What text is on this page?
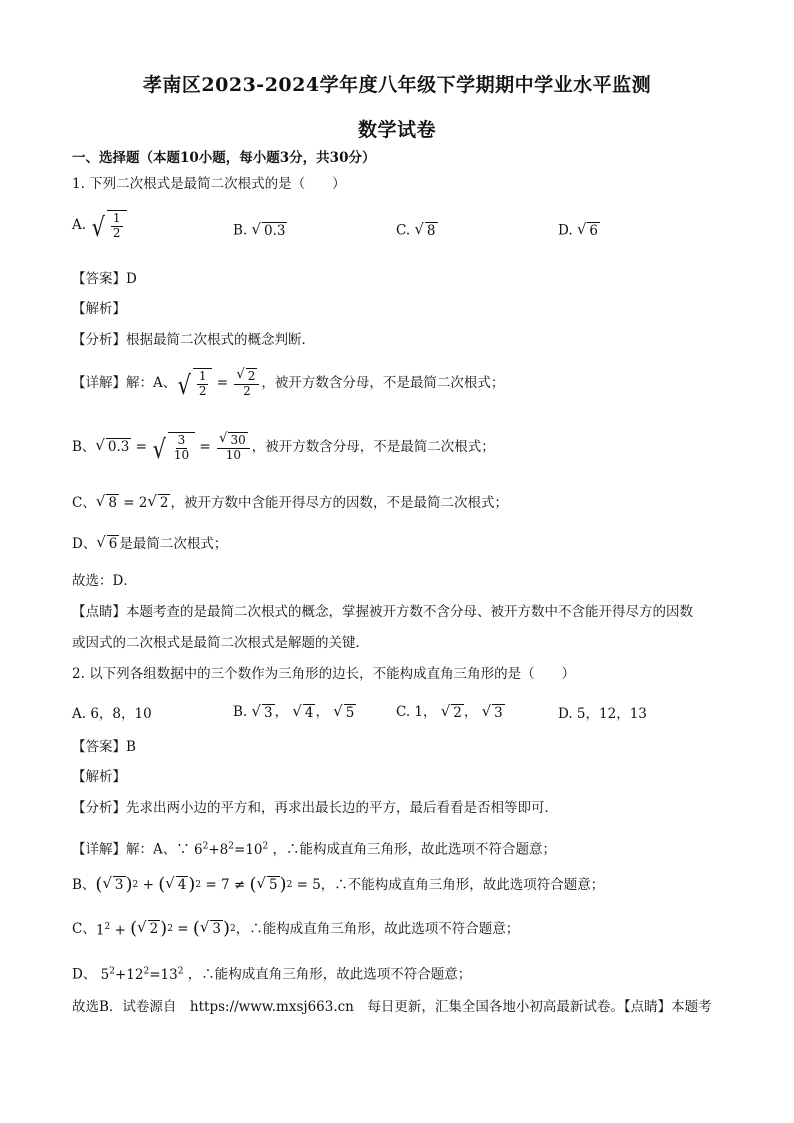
孝南区2023-2024学年度八年级下学期期中学业水平监测
数学试卷
一、选择题（本题10小题，每小题3分，共30分）
1. 下列二次根式是最简二次根式的是（　　）
A. √ $\frac{1}{2}$	B. √ 0.3	C. √ 8	D. √ 6
【答案】D
【解析】
【分析】根据最简二次根式的概念判断．
【详解】解：A、 √ $\frac{1}{2} = \frac{√ 2}{2}$ ，被开方数含分母，不是最简二次根式；
B、 √ 0.3 = √ $\frac{3}{10} = \frac{√ 30}{10}$ ，被开方数含分母，不是最简二次根式；
C、 √ 8 = 2 √ 2 ，被开方数中含能开得尽方的因数，不是最简二次根式；
D、 √ 6 是最简二次根式；
故选：D．
【点睛】本题考查的是最简二次根式的概念，掌握被开方数不含分母、被开方数中不含能开得尽方的因数
或因式的二次根式是最简二次根式是解题的关键．
2. 以下列各组数据中的三个数作为三角形的边长，不能构成直角三角形的是（　　）
A. 6，8，10	B. √ 3 ， √ 4 ， √ 5	C. 1， √ 2 ， √ 3	D. 5，12，13
【答案】B
【解析】
【分析】先求出两小边的平方和，再求出最长边的平方，最后看看是否相等即可．
【详解】解：A、∵ $6^2+8^2=10^2$ ，∴能构成直角三角形，故此选项不符合题意；
B、 ( √ 3 ) 2 + ( √ 4 ) 2 = 7 ≠ ( √ 5 ) 2 = 5 ，∴不能构成直角三角形，故此选项符合题意；
C、 $1^2$ + ( √ 2 ) 2 = ( √ 3 ) 2 ，∴能构成直角三角形，故此选项不符合题意；
D、 $5^2+12^2=13^2$ ，∴能构成直角三角形，故此选项不符合题意；
故选B．试卷源自　https://www.mxsj663.cn　每日更新，汇集全国各地小初高最新试卷。【点睛】本题考
